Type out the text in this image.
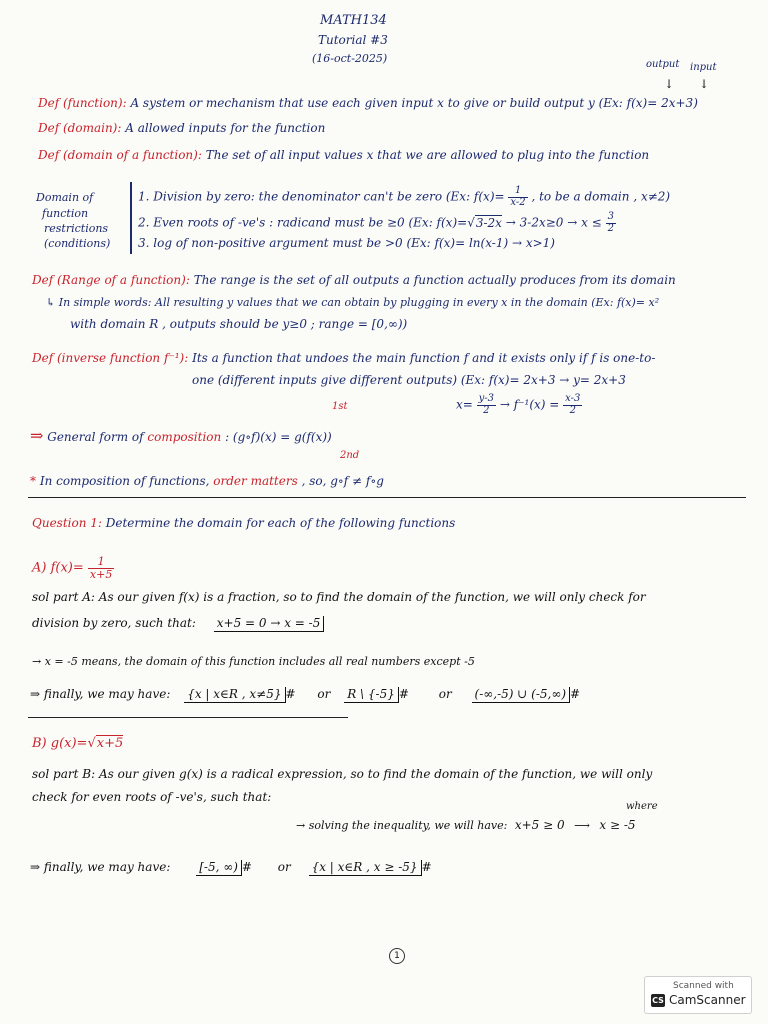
MATH134
Tutorial #3
(16-oct-2025)	output input
↓ ↓
Def (function): A system or mechanism that use each given input x to give or build output y (Ex: f(x)= 2x+3)
Def (domain): A allowed inputs for the function
Def (domain of a function): The set of all input values x that we are allowed to plug into the function
Domain of
function
restrictions
(conditions)
1. Division by zero: the denominator can't be zero (Ex: $f(x)= \frac{1}{x-2}$ , to be a domain , x≠2)
2. Even roots of -ve's : radicand must be ≥0 (Ex: $f(x)=√3-2x \to 3-2x\ge 0 \to x \le \frac{3}{2}$
3. log of non-positive argument must be >0 (Ex: f(x)= ln(x-1) → x>1)
Def (Range of a function): The range is the set of all outputs a function actually produces from its domain
↳ In simple words: All resulting y values that we can obtain by plugging in every x in the domain (Ex: f(x)= x²
with domain R , outputs should be y≥0 ; range = [0,∞))
Def (inverse function f⁻¹): Its a function that undoes the main function f and it exists only if f is one-to-
one (different inputs give different outputs) (Ex: f(x)= 2x+3 → y= 2x+3
$x= \frac{y-3}{2} \to f^{-1}(x) = \frac{x-3}{2}$
1st
⇒ General form of composition : (g∘f)(x) = g(f(x))
2nd
* In composition of functions, order matters , so, g∘f ≠ f∘g
Question 1: Determine the domain for each of the following functions
A) $f(x)= \frac{1}{x+5}$
sol part A: As our given f(x) is a fraction, so to find the domain of the function, we will only check for
division by zero, such that: x+5 = 0 → x = -5
→ x = -5 means, the domain of this function includes all real numbers except -5
⇒ finally, we may have: {x | x∈R , x≠5} # or R \ {-5} # or (-∞,-5) ∪ (-5,∞) #
B) g(x)=√x+5
sol part B: As our given g(x) is a radical expression, so to find the domain of the function, we will only
check for even roots of -ve's, such that:
where
→ solving the inequality, we will have: x+5 ≥ 0 ⟶ x ≥ -5
⇒ finally, we may have: [-5, ∞) # or {x | x∈R , x ≥ -5} #
1
Scanned with
CS CamScanner
